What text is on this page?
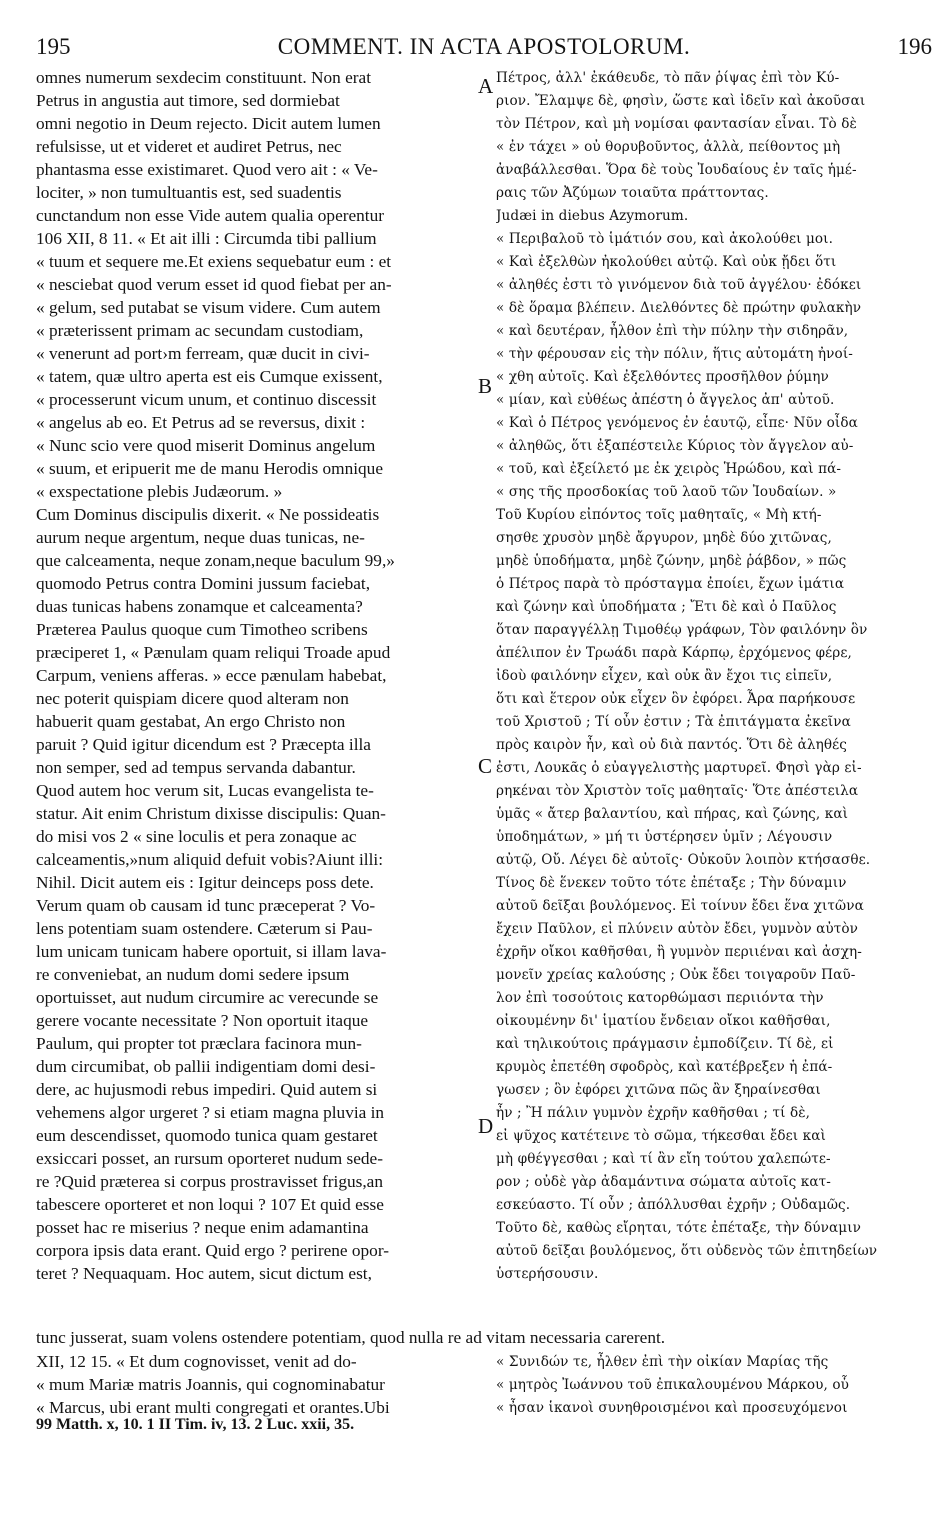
195	COMMENT. IN ACTA APOSTOLORUM.	196
omnes numerum sexdecim constituunt. Non erat
Petrus in angustia aut timore, sed dormiebat
omni negotio in Deum rejecto. Dicit autem lumen
refulsisse, ut et videret et audiret Petrus, nec
phantasma esse existimaret. Quod vero ait : « Ve-
lociter, » non tumultuantis est, sed suadentis
cunctandum non esse Vide autem qualia operentur
106 XII, 8 11. « Et ait illi : Circumda tibi pallium
« tuum et sequere me.Et exiens sequebatur eum : et
« nesciebat quod verum esset id quod fiebat per an-
« gelum, sed putabat se visum videre. Cum autem
« præterissent primam ac secundam custodiam,
« venerunt ad port›m ferream, quæ ducit in civi-
« tatem, quæ ultro aperta est eis Cumque exissent,
« processerunt vicum unum, et continuo discessit
« angelus ab eo. Et Petrus ad se reversus, dixit :
« Nunc scio vere quod miserit Dominus angelum
« suum, et eripuerit me de manu Herodis omnique
« exspectatione plebis Judæorum. »
Cum Dominus discipulis dixerit. « Ne possideatis
aurum neque argentum, neque duas tunicas, ne-
que calceamenta, neque zonam,neque baculum 99,»
quomodo Petrus contra Domini jussum faciebat,
duas tunicas habens zonamque et calceamenta?
Præterea Paulus quoque cum Timotheo scribens
præciperet 1, « Pænulam quam reliqui Troade apud
Carpum, veniens afferas. » ecce pænulam habebat,
nec poterit quispiam dicere quod alteram non
habuerit quam gestabat, An ergo Christo non
paruit ? Quid igitur dicendum est ? Præcepta illa
non semper, sed ad tempus servanda dabantur.
Quod autem hoc verum sit, Lucas evangelista te-
statur. Ait enim Christum dixisse discipulis: Quan-
do misi vos 2 « sine loculis et pera zonaque ac
calceamentis,»num aliquid defuit vobis?Aiunt illi:
Nihil. Dicit autem eis : Igitur deinceps poss dete.
Verum quam ob causam id tunc præceperat ? Vo-
lens potentiam suam ostendere. Cæterum si Pau-
lum unicam tunicam habere oportuit, si illam lava-
re conveniebat, an nudum domi sedere ipsum
oportuisset, aut nudum circumire ac verecunde se
gerere vocante necessitate ? Non oportuit itaque
Paulum, qui propter tot præclara facinora mun-
dum circumibat, ob pallii indigentiam domi desi-
dere, ac hujusmodi rebus impediri. Quid autem si
vehemens algor urgeret ? si etiam magna pluvia in
eum descendisset, quomodo tunica quam gestaret
exsiccari posset, an rursum oporteret nudum sede-
re ?Quid præterea si corpus prostravisset frigus,an
tabescere oporteret et non loqui ? 107 Et quid esse
posset hac re miserius ? neque enim adamantina
corpora ipsis data erant. Quid ergo ? perirene opor-
teret ? Nequaquam. Hoc autem, sicut dictum est,
Πέτρος, ἀλλ' ἐκάθευδε, τὸ πᾶν ῥίψας ἐπὶ τὸν Κύ-
ριον. Ἔλαμψε δὲ, φησὶν, ὥστε καὶ ἰδεῖν καὶ ἀκοῦσαι
τὸν Πέτρον, καὶ μὴ νομίσαι φαντασίαν εἶναι. Τὸ δὲ
« ἐν τάχει » οὐ θορυβοῦντος, ἀλλὰ, πείθοντος μὴ
ἀναβάλλεσθαι. Ὅρα δὲ τοὺς Ἰουδαίους ἐν ταῖς ἡμέ-
ραις τῶν Ἀζύμων τοιαῦτα πράττοντας.
Judæi in diebus Azymorum.
« Περιβαλοῦ τὸ ἱμάτιόν σου, καὶ ἀκολούθει μοι.
« Καὶ ἐξελθὼν ἠκολούθει αὐτῷ. Καὶ οὐκ ᾔδει ὅτι
« ἀληθές ἐστι τὸ γινόμενον διὰ τοῦ ἀγγέλου· ἐδόκει
« δὲ ὅραμα βλέπειν. Διελθόντες δὲ πρώτην φυλακὴν
« καὶ δευτέραν, ἦλθον ἐπὶ τὴν πύλην τὴν σιδηρᾶν,
« τὴν φέρουσαν εἰς τὴν πόλιν, ἥτις αὐτομάτη ἠνοί-
« χθη αὐτοῖς. Καὶ ἐξελθόντες προσῆλθον ῥύμην
« μίαν, καὶ εὐθέως ἀπέστη ὁ ἄγγελος ἀπ' αὐτοῦ.
« Καὶ ὁ Πέτρος γενόμενος ἐν ἑαυτῷ, εἶπε· Νῦν οἶδα
« ἀληθῶς, ὅτι ἐξαπέστειλε Κύριος τὸν ἄγγελον αὐ-
« τοῦ, καὶ ἐξείλετό με ἐκ χειρὸς Ἡρώδου, καὶ πά-
« σης τῆς προσδοκίας τοῦ λαοῦ τῶν Ἰουδαίων. »
Τοῦ Κυρίου εἰπόντος τοῖς μαθηταῖς, « Μὴ κτή-
σησθε χρυσὸν μηδὲ ἄργυρον, μηδὲ δύο χιτῶνας,
μηδὲ ὑποδήματα, μηδὲ ζώνην, μηδὲ ῥάβδον, » πῶς
ὁ Πέτρος παρὰ τὸ πρόσταγμα ἐποίει, ἔχων ἱμάτια
καὶ ζώνην καὶ ὑποδήματα ; Ἔτι δὲ καὶ ὁ Παῦλος
ὅταν παραγγέλλῃ Τιμοθέῳ γράφων, Τὸν φαιλόνην ὃν
ἀπέλιπον ἐν Τρωάδι παρὰ Κάρπῳ, ἐρχόμενος φέρε,
ἰδοὺ φαιλόνην εἶχεν, καὶ οὐκ ἂν ἔχοι τις εἰπεῖν,
ὅτι καὶ ἕτερον οὐκ εἶχεν ὃν ἐφόρει. Ἆρα παρήκουσε
τοῦ Χριστοῦ ; Τί οὖν ἐστιν ; Τὰ ἐπιτάγματα ἐκεῖνα
πρὸς καιρὸν ἦν, καὶ οὐ διὰ παντός. Ὅτι δὲ ἀληθές
ἐστι, Λουκᾶς ὁ εὐαγγελιστὴς μαρτυρεῖ. Φησὶ γὰρ εἰ-
ρηκέναι τὸν Χριστὸν τοῖς μαθηταῖς· Ὅτε ἀπέστειλα
ὑμᾶς « ἄτερ βαλαντίου, καὶ πήρας, καὶ ζώνης, καὶ
ὑποδημάτων, » μή τι ὑστέρησεν ὑμῖν ; Λέγουσιν
αὐτῷ, Οὔ. Λέγει δὲ αὐτοῖς· Οὐκοῦν λοιπὸν κτήσασθε.
Τίνος δὲ ἕνεκεν τοῦτο τότε ἐπέταξε ; Τὴν δύναμιν
αὐτοῦ δεῖξαι βουλόμενος. Εἰ τοίνυν ἔδει ἕνα χιτῶνα
ἔχειν Παῦλον, εἰ πλύνειν αὐτὸν ἔδει, γυμνὸν αὐτὸν
ἐχρῆν οἴκοι καθῆσθαι, ἢ γυμνὸν περιιέναι καὶ ἀσχη-
μονεῖν χρείας καλούσης ; Οὐκ ἔδει τοιγαροῦν Παῦ-
λον ἐπὶ τοσούτοις κατορθώμασι περιιόντα τὴν
οἰκουμένην δι' ἱματίου ἔνδειαν οἴκοι καθῆσθαι,
καὶ τηλικούτοις πράγμασιν ἐμποδίζειν. Τί δὲ, εἰ
κρυμὸς ἐπετέθη σφοδρὸς, καὶ κατέβρεξεν ἡ ἐπά-
γωσεν ; ὃν ἐφόρει χιτῶνα πῶς ἂν ξηραίνεσθαι
ἦν ; Ἢ πάλιν γυμνὸν ἐχρῆν καθῆσθαι ; τί δὲ,
εἰ ψῦχος κατέτεινε τὸ σῶμα, τήκεσθαι ἔδει καὶ
μὴ φθέγγεσθαι ; καὶ τί ἂν εἴη τούτου χαλεπώτε-
ρον ; οὐδὲ γὰρ ἀδαμάντινα σώματα αὐτοῖς κατ-
εσκεύαστο. Τί οὖν ; ἀπόλλυσθαι ἐχρῆν ; Οὐδαμῶς.
Τοῦτο δὲ, καθὼς εἴρηται, τότε ἐπέταξε, τὴν δύναμιν
αὐτοῦ δεῖξαι βουλόμενος, ὅτι οὐδενὸς τῶν ἐπιτηδείων
ὑστερήσουσιν.
A
B
C
D
tunc jusserat, suam volens ostendere potentiam, quod nulla re ad vitam necessaria carerent.
XII, 12 15. « Et dum cognovisset, venit ad do-
« mum Mariæ matris Joannis, qui cognominabatur
« Marcus, ubi erant multi congregati et orantes.Ubi
« Συνιδών τε, ἦλθεν ἐπὶ τὴν οἰκίαν Μαρίας τῆς
« μητρὸς Ἰωάννου τοῦ ἐπικαλουμένου Μάρκου, οὗ
« ἦσαν ἱκανοὶ συνηθροισμένοι καὶ προσευχόμενοι
99 Matth. x, 10. 1 II Tim. iv, 13. 2 Luc. xxii, 35.
